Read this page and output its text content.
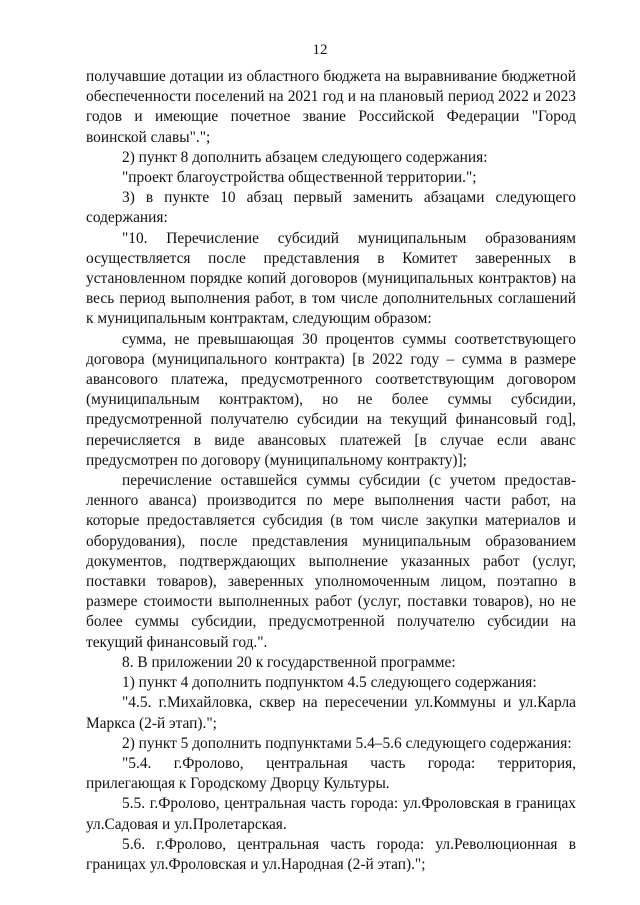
12

получавшие дотации из областного бюджета на выравнивание бюджетной обеспеченности поселений на 2021 год и на плановый период 2022 и 2023 годов и имеющие почетное звание Российской Федерации "Город воинской славы".";

2) пункт 8 дополнить абзацем следующего содержания:

"проект благоустройства общественной территории.";

3) в пункте 10 абзац первый заменить абзацами следующего содержания:

"10. Перечисление субсидий муниципальным образованиям осуществляется после представления в Комитет заверенных в установленном порядке копий договоров (муниципальных контрактов) на весь период выполнения работ, в том числе дополнительных соглашений к муниципальным контрактам, следующим образом:

сумма, не превышающая 30 процентов суммы соответствующего договора (муниципального контракта) [в 2022 году – сумма в размере авансового платежа, предусмотренного соответствующим договором (муниципальным контрактом), но не более суммы субсидии, предусмотренной получателю субсидии на текущий финансовый год], перечисляется в виде авансовых платежей [в случае если аванс предусмотрен по договору (муниципальному контракту)];

перечисление оставшейся суммы субсидии (с учетом предостав-ленного аванса) производится по мере выполнения части работ, на которые предоставляется субсидия (в том числе закупки материалов и оборудования), после представления муниципальным образованием документов, подтверждающих выполнение указанных работ (услуг, поставки товаров), заверенных уполномоченным лицом, поэтапно в размере стоимости выполненных работ (услуг, поставки товаров), но не более суммы субсидии, предусмотренной получателю субсидии на текущий финансовый год.".

8. В приложении 20 к государственной программе:

1) пункт 4 дополнить подпунктом 4.5 следующего содержания:

"4.5. г.Михайловка, сквер на пересечении ул.Коммуны и ул.Карла Маркса (2-й этап).";

2) пункт 5 дополнить подпунктами 5.4–5.6 следующего содержания:

"5.4. г.Фролово, центральная часть города: территория, прилегающая к Городскому Дворцу Культуры.

5.5. г.Фролово, центральная часть города: ул.Фроловская в границах ул.Садовая и ул.Пролетарская.

5.6. г.Фролово, центральная часть города: ул.Революционная в границах ул.Фроловская и ул.Народная (2-й этап).";
